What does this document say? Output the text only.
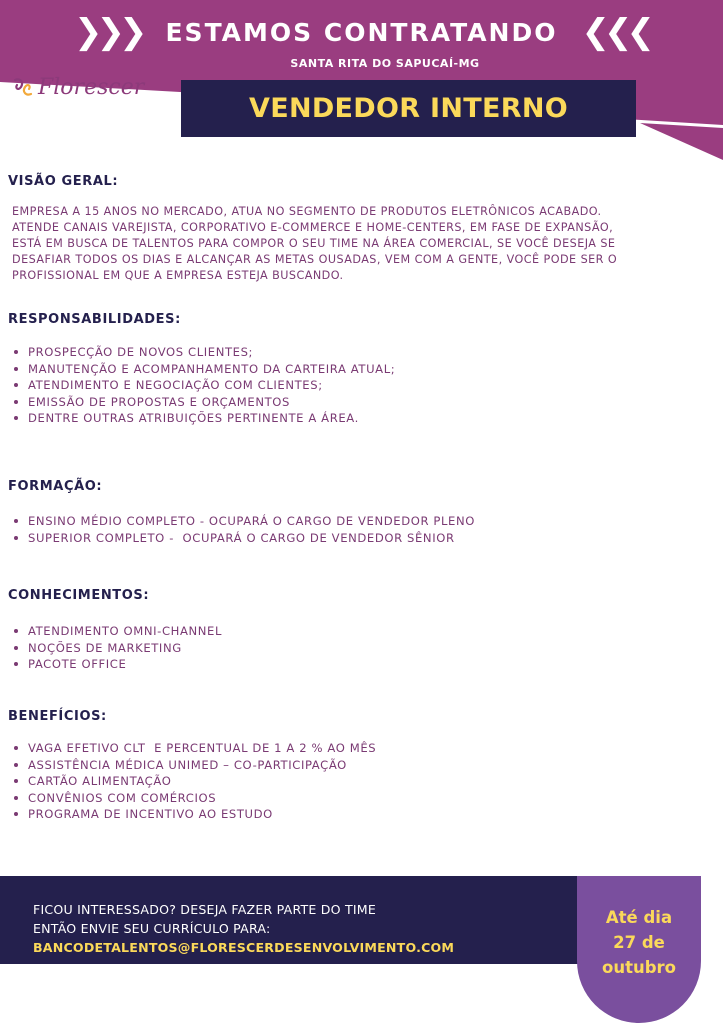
❯❯❯ ESTAMOS CONTRATANDO ❮❮❮
SANTA RITA DO SAPUCAÍ-MG
Florescer
VENDEDOR INTERNO
VISÃO GERAL:
EMPRESA A 15 ANOS NO MERCADO, ATUA NO SEGMENTO DE PRODUTOS ELETRÔNICOS ACABADO.
ATENDE CANAIS VAREJISTA, CORPORATIVO E-COMMERCE E HOME-CENTERS, EM FASE DE EXPANSÃO,
ESTÁ EM BUSCA DE TALENTOS PARA COMPOR O SEU TIME NA ÁREA COMERCIAL, SE VOCÊ DESEJA SE
DESAFIAR TODOS OS DIAS E ALCANÇAR AS METAS OUSADAS, VEM COM A GENTE, VOCÊ PODE SER O
PROFISSIONAL EM QUE A EMPRESA ESTEJA BUSCANDO.
RESPONSABILIDADES:
PROSPECÇÃO DE NOVOS CLIENTES;
MANUTENÇÃO E ACOMPANHAMENTO DA CARTEIRA ATUAL;
ATENDIMENTO E NEGOCIAÇÃO COM CLIENTES;
EMISSÃO DE PROPOSTAS E ORÇAMENTOS
DENTRE OUTRAS ATRIBUIÇÕES PERTINENTE A ÁREA.
FORMAÇÃO:
ENSINO MÉDIO COMPLETO - OCUPARÁ O CARGO DE VENDEDOR PLENO
SUPERIOR COMPLETO -  OCUPARÁ O CARGO DE VENDEDOR SÊNIOR
CONHECIMENTOS:
ATENDIMENTO OMNI-CHANNEL
NOÇÕES DE MARKETING
PACOTE OFFICE
BENEFÍCIOS:
VAGA EFETIVO CLT  E PERCENTUAL DE 1 A 2 % AO MÊS
ASSISTÊNCIA MÉDICA UNIMED – CO-PARTICIPAÇÃO
CARTÃO ALIMENTAÇÃO
CONVÊNIOS COM COMÉRCIOS
PROGRAMA DE INCENTIVO AO ESTUDO
FICOU INTERESSADO? DESEJA FAZER PARTE DO TIME
ENTÃO ENVIE SEU CURRÍCULO PARA:
BANCODETALENTOS@FLORESCERDESENVOLVIMENTO.COM
Até dia
27 de
outubro
